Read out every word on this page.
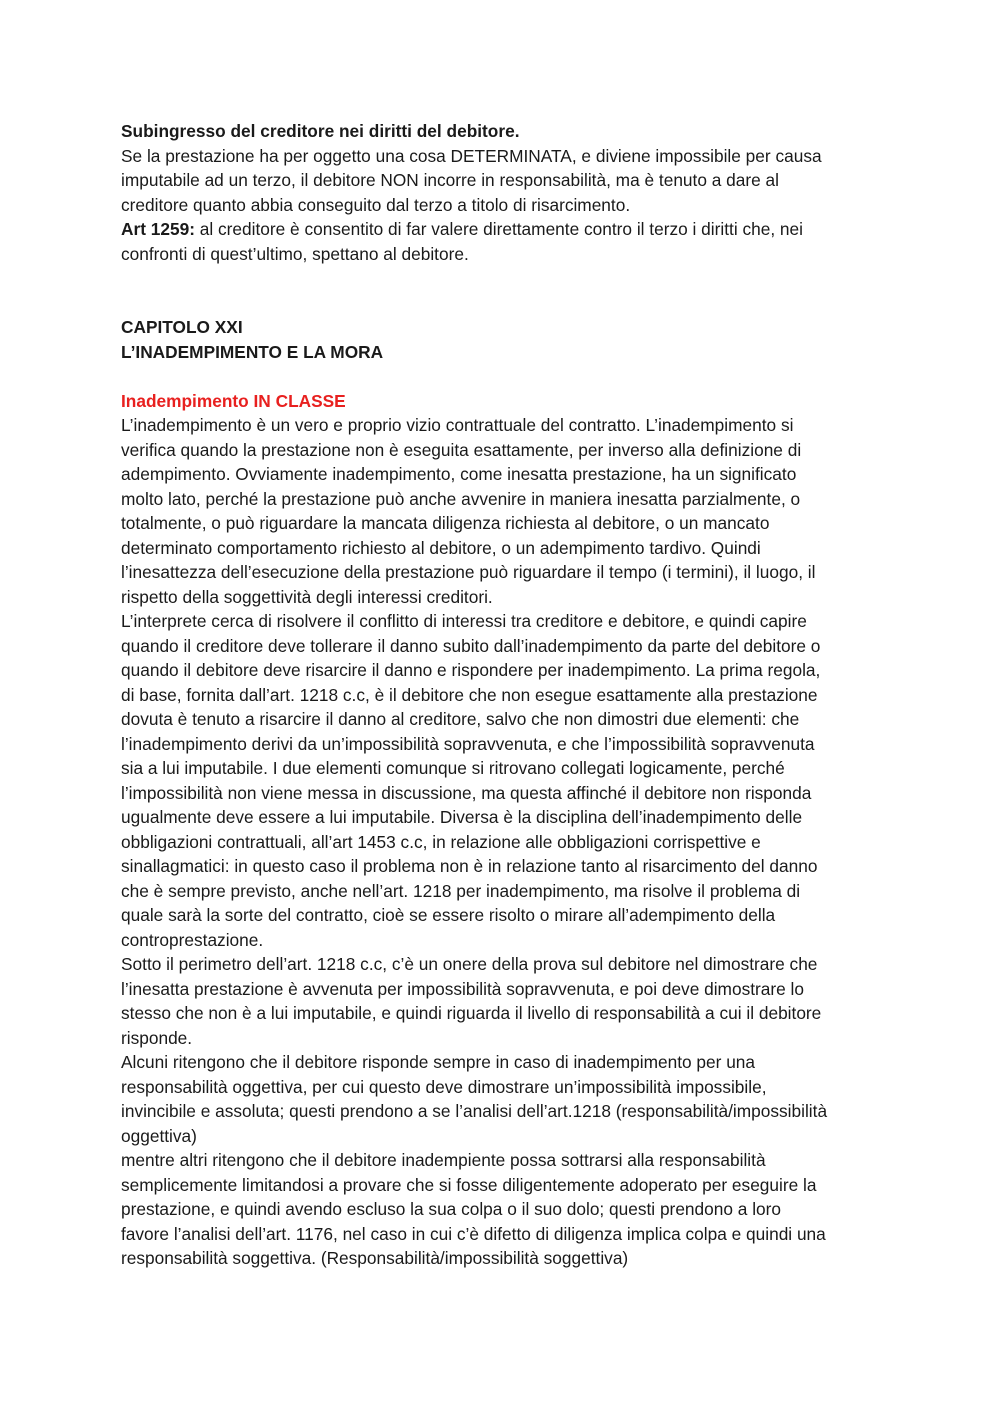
Subingresso del creditore nei diritti del debitore.
Se la prestazione ha per oggetto una cosa DETERMINATA, e diviene impossibile per causa
imputabile ad un terzo, il debitore NON incorre in responsabilità, ma è tenuto a dare al
creditore quanto abbia conseguito dal terzo a titolo di risarcimento.
Art 1259: al creditore è consentito di far valere direttamente contro il terzo i diritti che, nei
confronti di quest’ultimo, spettano al debitore.
CAPITOLO XXI
L’INADEMPIMENTO E LA MORA
Inadempimento IN CLASSE
L’inadempimento è un vero e proprio vizio contrattuale del contratto. L’inadempimento si
verifica quando la prestazione non è eseguita esattamente, per inverso alla definizione di
adempimento. Ovviamente inadempimento, come inesatta prestazione, ha un significato
molto lato, perché la prestazione può anche avvenire in maniera inesatta parzialmente, o
totalmente, o può riguardare la mancata diligenza richiesta al debitore, o un mancato
determinato comportamento richiesto al debitore, o un adempimento tardivo. Quindi
l’inesattezza dell’esecuzione della prestazione può riguardare il tempo (i termini), il luogo, il
rispetto della soggettività degli interessi creditori.
L’interprete cerca di risolvere il conflitto di interessi tra creditore e debitore, e quindi capire
quando il creditore deve tollerare il danno subito dall’inadempimento da parte del debitore o
quando il debitore deve risarcire il danno e rispondere per inadempimento. La prima regola,
di base, fornita dall’art. 1218 c.c, è il debitore che non esegue esattamente alla prestazione
dovuta è tenuto a risarcire il danno al creditore, salvo che non dimostri due elementi: che
l’inadempimento derivi da un’impossibilità sopravvenuta, e che l’impossibilità sopravvenuta
sia a lui imputabile. I due elementi comunque si ritrovano collegati logicamente, perché
l’impossibilità non viene messa in discussione, ma questa affinché il debitore non risponda
ugualmente deve essere a lui imputabile. Diversa è la disciplina dell’inadempimento delle
obbligazioni contrattuali, all’art 1453 c.c, in relazione alle obbligazioni corrispettive e
sinallagmatici: in questo caso il problema non è in relazione tanto al risarcimento del danno
che è sempre previsto, anche nell’art. 1218 per inadempimento, ma risolve il problema di
quale sarà la sorte del contratto, cioè se essere risolto o mirare all’adempimento della
controprestazione.
Sotto il perimetro dell’art. 1218 c.c, c’è un onere della prova sul debitore nel dimostrare che
l’inesatta prestazione è avvenuta per impossibilità sopravvenuta, e poi deve dimostrare lo
stesso che non è a lui imputabile, e quindi riguarda il livello di responsabilità a cui il debitore
risponde.
Alcuni ritengono che il debitore risponde sempre in caso di inadempimento per una
responsabilità oggettiva, per cui questo deve dimostrare un’impossibilità impossibile,
invincibile e assoluta; questi prendono a se l’analisi dell’art.1218 (responsabilità/impossibilità
oggettiva)
mentre altri ritengono che il debitore inadempiente possa sottrarsi alla responsabilità
semplicemente limitandosi a provare che si fosse diligentemente adoperato per eseguire la
prestazione, e quindi avendo escluso la sua colpa o il suo dolo; questi prendono a loro
favore l’analisi dell’art. 1176, nel caso in cui c’è difetto di diligenza implica colpa e quindi una
responsabilità soggettiva. (Responsabilità/impossibilità soggettiva)
